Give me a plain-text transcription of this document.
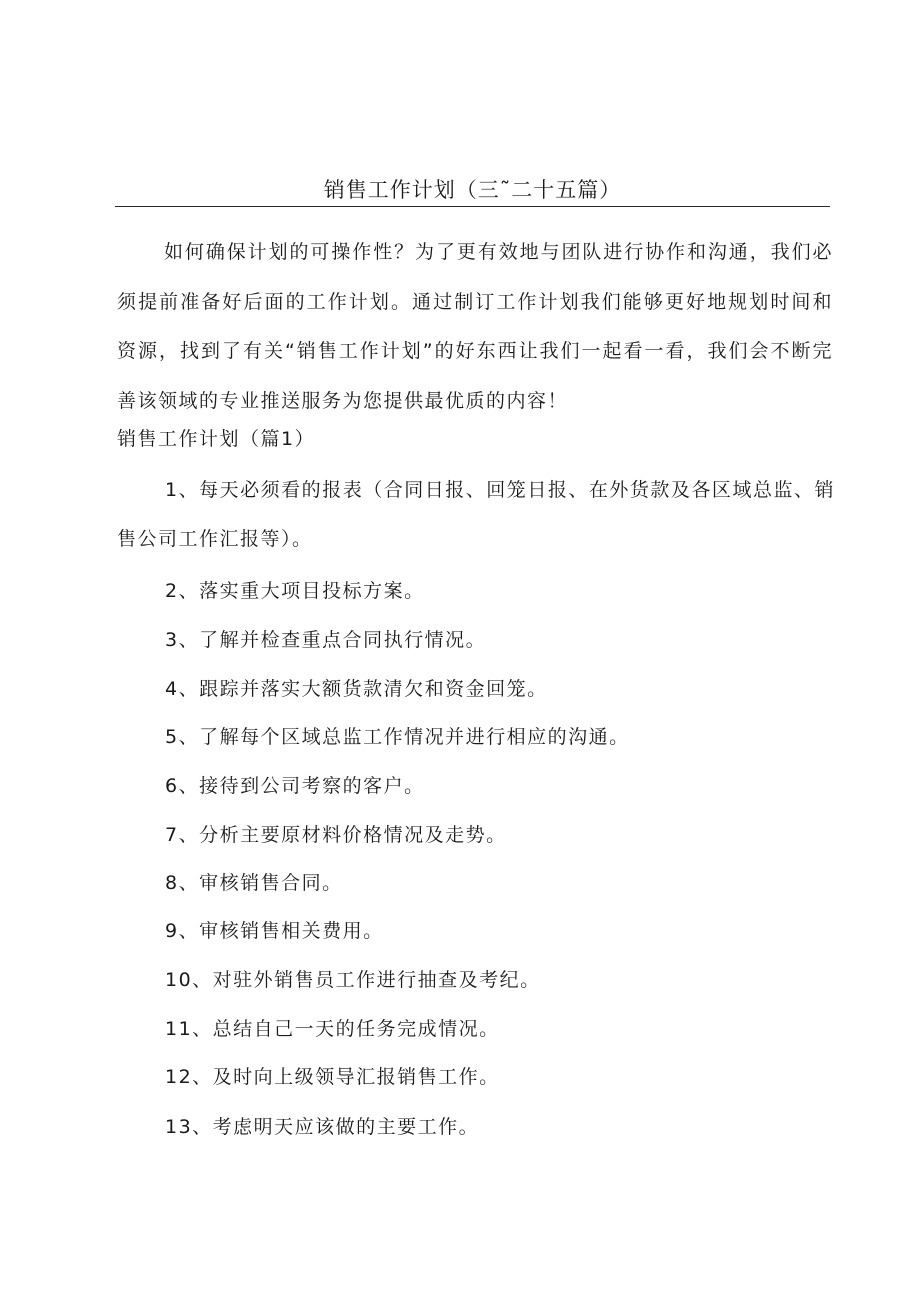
销售工作计划（三˜二十五篇）

如何确保计划的可操作性？为了更有效地与团队进行协作和沟通，我们必须提前准备好后面的工作计划。通过制订工作计划我们能够更好地规划时间和资源，找到了有关“销售工作计划”的好东西让我们一起看一看，我们会不断完善该领域的专业推送服务为您提供最优质的内容！

销售工作计划（篇1）

1、每天必须看的报表（合同日报、回笼日报、在外货款及各区域总监、销售公司工作汇报等）。

2、落实重大项目投标方案。

3、了解并检查重点合同执行情况。

4、跟踪并落实大额货款清欠和资金回笼。

5、了解每个区域总监工作情况并进行相应的沟通。

6、接待到公司考察的客户。

7、分析主要原材料价格情况及走势。

8、审核销售合同。

9、审核销售相关费用。

10、对驻外销售员工作进行抽查及考纪。

11、总结自己一天的任务完成情况。

12、及时向上级领导汇报销售工作。

13、考虑明天应该做的主要工作。
